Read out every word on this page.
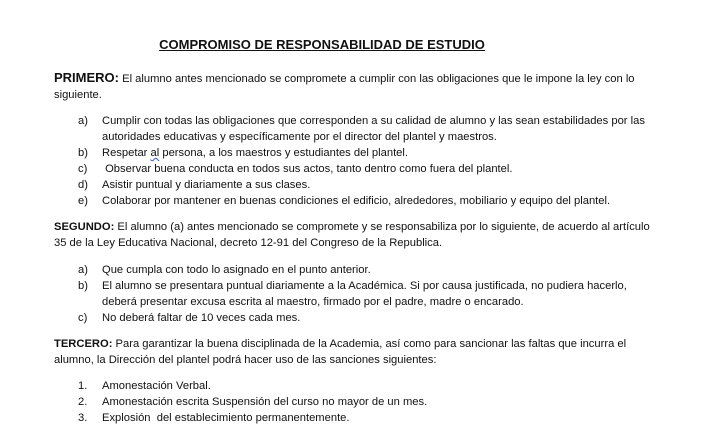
COMPROMISO DE RESPONSABILIDAD DE ESTUDIO
PRIMERO: El alumno antes mencionado se compromete a cumplir con las obligaciones que le impone la ley con lo siguiente.
a) Cumplir con todas las obligaciones que corresponden a su calidad de alumno y las sean estabilidades por las autoridades educativas y específicamente por el director del plantel y maestros.
b) Respetar al persona, a los maestros y estudiantes del plantel.
c) Observar buena conducta en todos sus actos, tanto dentro como fuera del plantel.
d) Asistir puntual y diariamente a sus clases.
e) Colaborar por mantener en buenas condiciones el edificio, alrededores, mobiliario y equipo del plantel.
SEGUNDO: El alumno (a) antes mencionado se compromete y se responsabiliza por lo siguiente, de acuerdo al artículo 35 de la Ley Educativa Nacional, decreto 12-91 del Congreso de la Republica.
a) Que cumpla con todo lo asignado en el punto anterior.
b) El alumno se presentara puntual diariamente a la Académica. Si por causa justificada, no pudiera hacerlo, deberá presentar excusa escrita al maestro, firmado por el padre, madre o encarado.
c) No deberá faltar de 10 veces cada mes.
TERCERO: Para garantizar la buena disciplinada de la Academia, así como para sancionar las faltas que incurra el alumno, la Dirección del plantel podrá hacer uso de las sanciones siguientes:
1. Amonestación Verbal.
2. Amonestación escrita Suspensión del curso no mayor de un mes.
3. Explosión  del establecimiento permanentemente.
